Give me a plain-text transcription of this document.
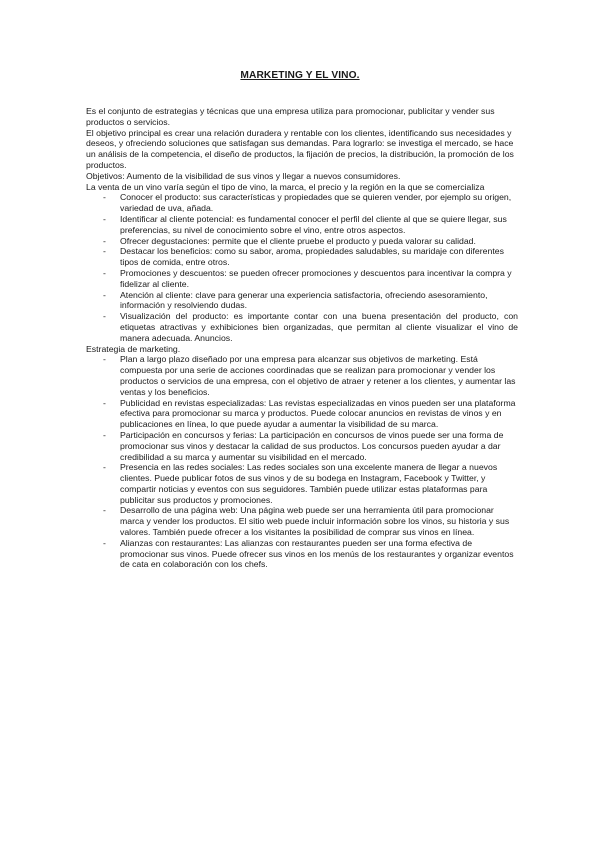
MARKETING Y EL VINO.

Es el conjunto de estrategias y técnicas que una empresa utiliza para promocionar, publicitar y vender sus productos o servicios.

El objetivo principal es crear una relación duradera y rentable con los clientes, identificando sus necesidades y deseos, y ofreciendo soluciones que satisfagan sus demandas. Para lograrlo: se investiga el mercado, se hace un análisis de la competencia, el diseño de productos, la fijación de precios, la distribución, la promoción de los productos.

Objetivos: Aumento de la visibilidad de sus vinos y llegar a nuevos consumidores.

La venta de un vino varía según el tipo de vino, la marca, el precio y la región en la que se comercializa

- Conocer el producto: sus características y propiedades que se quieren vender, por ejemplo su origen, variedad de uva, añada.
- Identificar al cliente potencial: es fundamental conocer el perfil del cliente al que se quiere llegar, sus preferencias, su nivel de conocimiento sobre el vino, entre otros aspectos.
- Ofrecer degustaciones: permite que el cliente pruebe el producto y pueda valorar su calidad.
- Destacar los beneficios: como su sabor, aroma, propiedades saludables, su maridaje con diferentes tipos de comida, entre otros.
- Promociones y descuentos: se pueden ofrecer promociones y descuentos para incentivar la compra y fidelizar al cliente.
- Atención al cliente: clave para generar una experiencia satisfactoria, ofreciendo asesoramiento, información y resolviendo dudas.
- Visualización del producto: es importante contar con una buena presentación del producto, con etiquetas atractivas y exhibiciones bien organizadas, que permitan al cliente visualizar el vino de manera adecuada. Anuncios.

Estrategia de marketing.

- Plan a largo plazo diseñado por una empresa para alcanzar sus objetivos de marketing. Está compuesta por una serie de acciones coordinadas que se realizan para promocionar y vender los productos o servicios de una empresa, con el objetivo de atraer y retener a los clientes, y aumentar las ventas y los beneficios.
- Publicidad en revistas especializadas: Las revistas especializadas en vinos pueden ser una plataforma efectiva para promocionar su marca y productos. Puede colocar anuncios en revistas de vinos y en publicaciones en línea, lo que puede ayudar a aumentar la visibilidad de su marca.
- Participación en concursos y ferias: La participación en concursos de vinos puede ser una forma de promocionar sus vinos y destacar la calidad de sus productos. Los concursos pueden ayudar a dar credibilidad a su marca y aumentar su visibilidad en el mercado.
- Presencia en las redes sociales: Las redes sociales son una excelente manera de llegar a nuevos clientes. Puede publicar fotos de sus vinos y de su bodega en Instagram, Facebook y Twitter, y compartir noticias y eventos con sus seguidores. También puede utilizar estas plataformas para publicitar sus productos y promociones.
- Desarrollo de una página web: Una página web puede ser una herramienta útil para promocionar marca y vender los productos. El sitio web puede incluir información sobre los vinos, su historia y sus valores. También puede ofrecer a los visitantes la posibilidad de comprar sus vinos en línea.
- Alianzas con restaurantes: Las alianzas con restaurantes pueden ser una forma efectiva de promocionar sus vinos. Puede ofrecer sus vinos en los menús de los restaurantes y organizar eventos de cata en colaboración con los chefs.
